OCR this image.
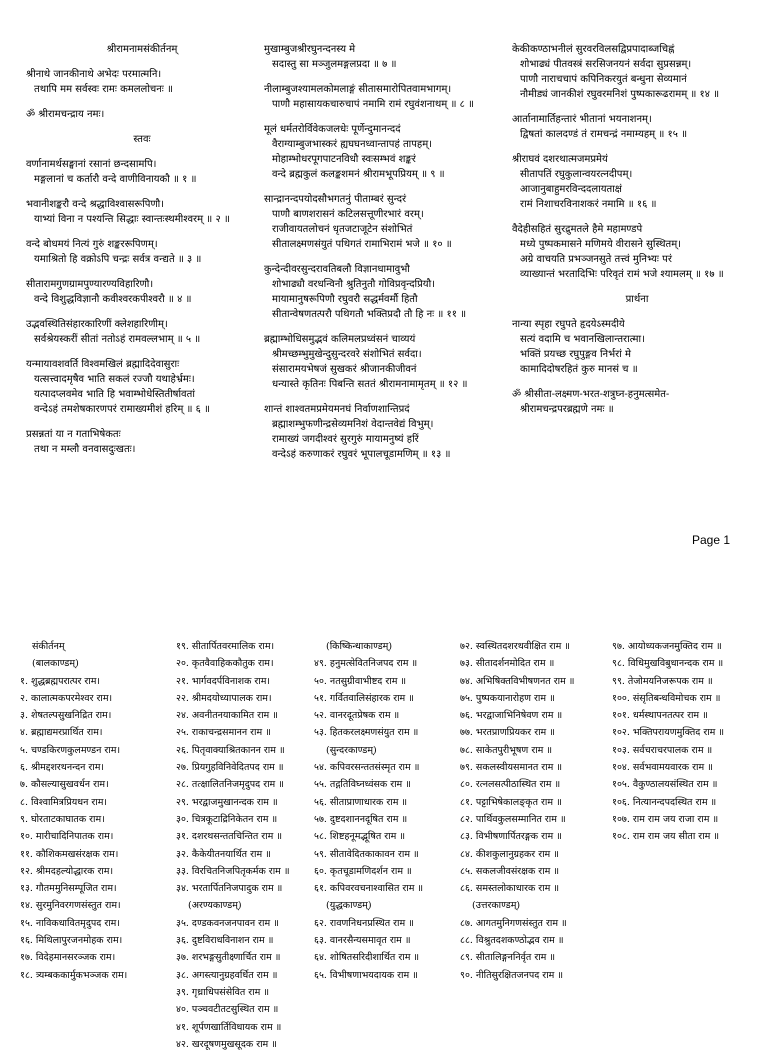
श्रीरामनामसंकीर्तनम्
श्रीनाथे जानकीनाथे अभेदः परमात्मनि।
तथापि मम सर्वस्वः रामः कमललोचनः ॥
ॐ श्रीरामचन्द्राय नमः।
स्तवः
वर्णानामर्थसङ्घानां रसानां छन्दसामपि।
मङ्गलानां च कर्तारौ वन्दे वाणीविनायकौ ॥ १ ॥
भवानीशङ्करौ वन्दे श्रद्धाविश्वासरूपिणौ।
याभ्यां विना न पश्यन्ति सिद्धाः स्वान्तःस्थमीश्वरम् ॥ २ ॥
वन्दे बोधमयं नित्यं गुरुं शङ्कररूपिणम्।
यमाश्रितो हि वक्रोऽपि चन्द्रः सर्वत्र वन्द्यते ॥ ३ ॥
सीतारामगुणग्रामपुण्यारण्यविहारिणौ।
वन्दे विशुद्धविज्ञानौ कवीश्वरकपीश्वरौ ॥ ४ ॥
उद्भवस्थितिसंहारकारिणीं क्लेशहारिणीम्।
सर्वश्रेयस्करीं सीतां नतोऽहं रामवल्लभाम् ॥ ५ ॥
यन्मायावशवर्ति विश्वमखिलं ब्रह्मादिदेवासुराः
यत्सत्त्वादमृषैव भाति सकलं रज्जौ यथाहेर्भ्रमः।
यत्पादप्लवमेव भाति हि भवाम्भोधेस्तितीर्षावतां
वन्देऽहं तमशेषकारणपरं रामाख्यमीशं हरिम् ॥ ६ ॥
प्रसन्नतां या न गताभिषेकतः
तथा न मम्लौ वनवासदुःखतः।
मुखाम्बुजश्रीरघुनन्दनस्य मे
सदास्तु सा मञ्जुलमङ्गलप्रदा ॥ ७ ॥
नीलाम्बुजश्यामलकोमलाङ्गं सीतासमारोपितवामभागम्।
पाणौ महासायकचारुचापं नमामि रामं रघुवंशनाथम् ॥ ८ ॥
मूलं धर्मतरोर्विवेकजलधेः पूर्णेन्दुमानन्ददं
वैराग्याम्बुजभास्करं ह्यघघनध्वान्तापहं तापहम्।
मोहाम्भोधरपूगपाटनविधौ स्वःसम्भवं शङ्करं
वन्दे ब्रह्मकुलं कलङ्कशमनं श्रीरामभूपप्रियम् ॥ ९ ॥
सान्द्रानन्दपयोदसौभगतनुं पीताम्बरं सुन्दरं
पाणौ बाणशरासनं कटिलसत्तूणीरभारं वरम्।
राजीवायतलोचनं धृतजटाजूटेन संशोभितं
सीतालक्ष्मणसंयुतं पथिगतं रामाभिरामं भजे ॥ १० ॥
कुन्देन्दीवरसुन्दरावतिबलौ विज्ञानधामावुभौ
शोभाढ्यौ वरधन्विनौ श्रुतिनुतौ गोविप्रवृन्दप्रियौ।
मायामानुषरूपिणौ रघुवरौ सद्धर्मवर्मौ हितौ
सीतान्वेषणतत्परौ पथिगतौ भक्तिप्रदौ तौ हि नः ॥ ११ ॥
ब्रह्माम्भोधिसमुद्भवं कलिमलप्रध्वंसनं चाव्ययं
श्रीमच्छम्भुमुखेन्दुसुन्दरवरे संशोभितं सर्वदा।
संसारामयभेषजं सुखकरं श्रीजानकीजीवनं
धन्यास्ते कृतिनः पिबन्ति सततं श्रीरामनामामृतम् ॥ १२ ॥
शान्तं शाश्वतमप्रमेयमनघं निर्वाणशान्तिप्रदं
ब्रह्माशम्भुफणीन्द्रसेव्यमनिशं वेदान्तवेद्यं विभुम्।
रामाख्यं जगदीश्वरं सुरगुरुं मायामनुष्यं हरिं
वन्देऽहं करुणाकरं रघुवरं भूपालचूडामणिम् ॥ १३ ॥
केकीकण्ठाभनीलं सुरवरविलसद्विप्रपादाब्जचिह्नं
शोभाढ्यं पीतवस्त्रं सरसिजनयनं सर्वदा सुप्रसन्नम्।
पाणौ नाराचचापं कपिनिकरयुतं बन्धुना सेव्यमानं
नौमीड्यं जानकीशं रघुवरमनिशं पुष्पकारूढरामम् ॥ १४ ॥
आर्तानामार्तिहन्तारं भीतानां भयनाशनम्।
द्विषतां कालदण्डं तं रामचन्द्रं नमाम्यहम् ॥ १५ ॥
श्रीराघवं दशरथात्मजमप्रमेयं
सीतापतिं रघुकुलान्वयरत्नदीपम्।
आजानुबाहुमरविन्ददलायताक्षं
रामं निशाचरविनाशकरं नमामि ॥ १६ ॥
वैदेहीसहितं सुरद्रुमतले हैमे महामण्डपे
मध्ये पुष्पकमासने मणिमये वीरासने सुस्थितम्।
अग्रे वाचयति प्रभञ्जनसुते तत्त्वं मुनिभ्यः परं
व्याख्यान्तं भरतादिभिः परिवृतं रामं भजे श्यामलम् ॥ १७ ॥
प्रार्थना
नान्या स्पृहा रघुपते हृदयेऽस्मदीये
सत्यं वदामि च भवानखिलान्तरात्मा।
भक्तिं प्रयच्छ रघुपुङ्गव निर्भरां मे
कामादिदोषरहितं कुरु मानसं च ॥
ॐ श्रीसीता-लक्ष्मण-भरत-शत्रुघ्न-हनुमत्समेत-
श्रीरामचन्द्रपरब्रह्मणे नमः ॥
Page 1
संकीर्तनम्
(बालकाण्डम्)
१. शुद्धब्रह्मपरात्पर राम।
२. कालात्मकपरमेश्वर राम।
३. शेषतल्पसुखनिद्रित राम।
४. ब्रह्माद्यमरप्रार्थित राम।
५. चण्डकिरणकुलमण्डन राम।
६. श्रीमद्दशरथनन्दन राम।
७. कौसल्यासुखवर्धन राम।
८. विश्वामित्रप्रियधन राम।
९. घोरताटकाघातक राम।
१०. मारीचादिनिपातक राम।
११. कौशिकमखसंरक्षक राम।
१२. श्रीमदहल्योद्धारक राम।
१३. गौतममुनिसम्पूजित राम।
१४. सुरमुनिवरगणसंस्तुत राम।
१५. नाविकधावितमृदुपद राम।
१६. मिथिलापुरजनमोहक राम।
१७. विदेहमानसरञ्जक राम।
१८. त्र्यम्बककार्मुकभञ्जक राम।
१९. सीतार्पितवरमालिक राम।
२०. कृतवैवाहिककौतुक राम।
२१. भार्गवदर्पविनाशक राम।
२२. श्रीमदयोध्यापालक राम।
२४. अवनीतनयाकामित राम ॥
२५. राकाचन्द्रसमानन राम ॥
२६. पितृवाक्याश्रितकानन राम ॥
२७. प्रियगुहविनिवेदितपद राम ॥
२८. तत्क्षालितनिजमृदुपद राम ॥
२९. भरद्वाजमुखानन्दक राम ॥
३०. चित्रकूटाद्रिनिकेतन राम ॥
३१. दशरथसन्ततचिन्तित राम ॥
३२. कैकेयीतनयार्थित राम ॥
३३. विरचितनिजपितृकर्मक राम ॥
३४. भरतार्पितनिजपादुक राम ॥
(अरण्यकाण्डम्)
३५. दण्डकवनजनपावन राम ॥
३६. दुष्टविराधविनाशन राम ॥
३७. शरभङ्गसुतीक्ष्णार्चित राम ॥
३८. अगस्त्यानुग्रहवर्धित राम ॥
३९. गृध्राधिपसंसेवित राम ॥
४०. पञ्चवटीतटसुस्थित राम ॥
४१. शूर्पणखार्तिविधायक राम ॥
४२. खरदूषणमुखसूदक राम ॥
(किष्किन्धाकाण्डम्)
४९. हनुमत्सेवितनिजपद राम ॥
५०. नतसुग्रीवाभीष्टद राम ॥
५१. गर्वितवालिसंहारक राम ॥
५२. वानरदूतप्रेषक राम ॥
५३. हितकरलक्ष्मणसंयुत राम ॥
(सुन्दरकाण्डम्)
५४. कपिवरसन्ततसंस्मृत राम ॥
५५. तद्गतिविघ्नध्वंसक राम ॥
५६. सीताप्राणाधारक राम ॥
५७. दुष्टदशाननदूषित राम ॥
५८. शिष्टहनूमद्भूषित राम ॥
५९. सीतावेदितकाकावन राम ॥
६०. कृतचूडामणिदर्शन राम ॥
६१. कपिवरवचनाश्वासित राम ॥
(युद्धकाण्डम्)
६२. रावणनिधनप्रस्थित राम ॥
६३. वानरसैन्यसमावृत राम ॥
६४. शोषितसरिदीशार्थित राम ॥
६५. विभीषणाभयदायक राम ॥
७२. स्वस्थितदशरथवीक्षित राम ॥
७३. सीतादर्शनमोदित राम ॥
७४. अभिषिक्तविभीषणनत राम ॥
७५. पुष्पकयानारोहण राम ॥
७६. भरद्वाजाभिनिषेवण राम ॥
७७. भरतप्राणप्रियकर राम ॥
७८. साकेतपुरीभूषण राम ॥
७९. सकलस्वीयसमानत राम ॥
८०. रत्नलसत्पीठास्थित राम ॥
८१. पट्टाभिषेकालङ्कृत राम ॥
८२. पार्थिवकुलसम्मानित राम ॥
८३. विभीषणार्पितरङ्गक राम ॥
८४. कीशकुलानुग्रहकर राम ॥
८५. सकलजीवसंरक्षक राम ॥
८६. समस्तलोकाधारक राम ॥
(उत्तरकाण्डम्)
८७. आगतमुनिगणसंस्तुत राम ॥
८८. विश्रुतदशकण्ठोद्भव राम ॥
८९. सीतालिङ्गननिर्वृत राम ॥
९०. नीतिसुरक्षितजनपद राम ॥
९७. आयोध्यकजनमुक्तिद राम ॥
९८. विधिमुखविबुधानन्दक राम ॥
९९. तेजोमयनिजरूपक राम ॥
१००. संसृतिबन्धविमोचक राम ॥
१०१. धर्मस्थापनतत्पर राम ॥
१०२. भक्तिपरायणमुक्तिद राम ॥
१०३. सर्वचराचरपालक राम ॥
१०४. सर्वभवामयवारक राम ॥
१०५. वैकुण्ठालयसंस्थित राम ॥
१०६. नित्यानन्दपदस्थित राम ॥
१०७. राम राम जय राजा राम ॥
१०८. राम राम जय सीता राम ॥
